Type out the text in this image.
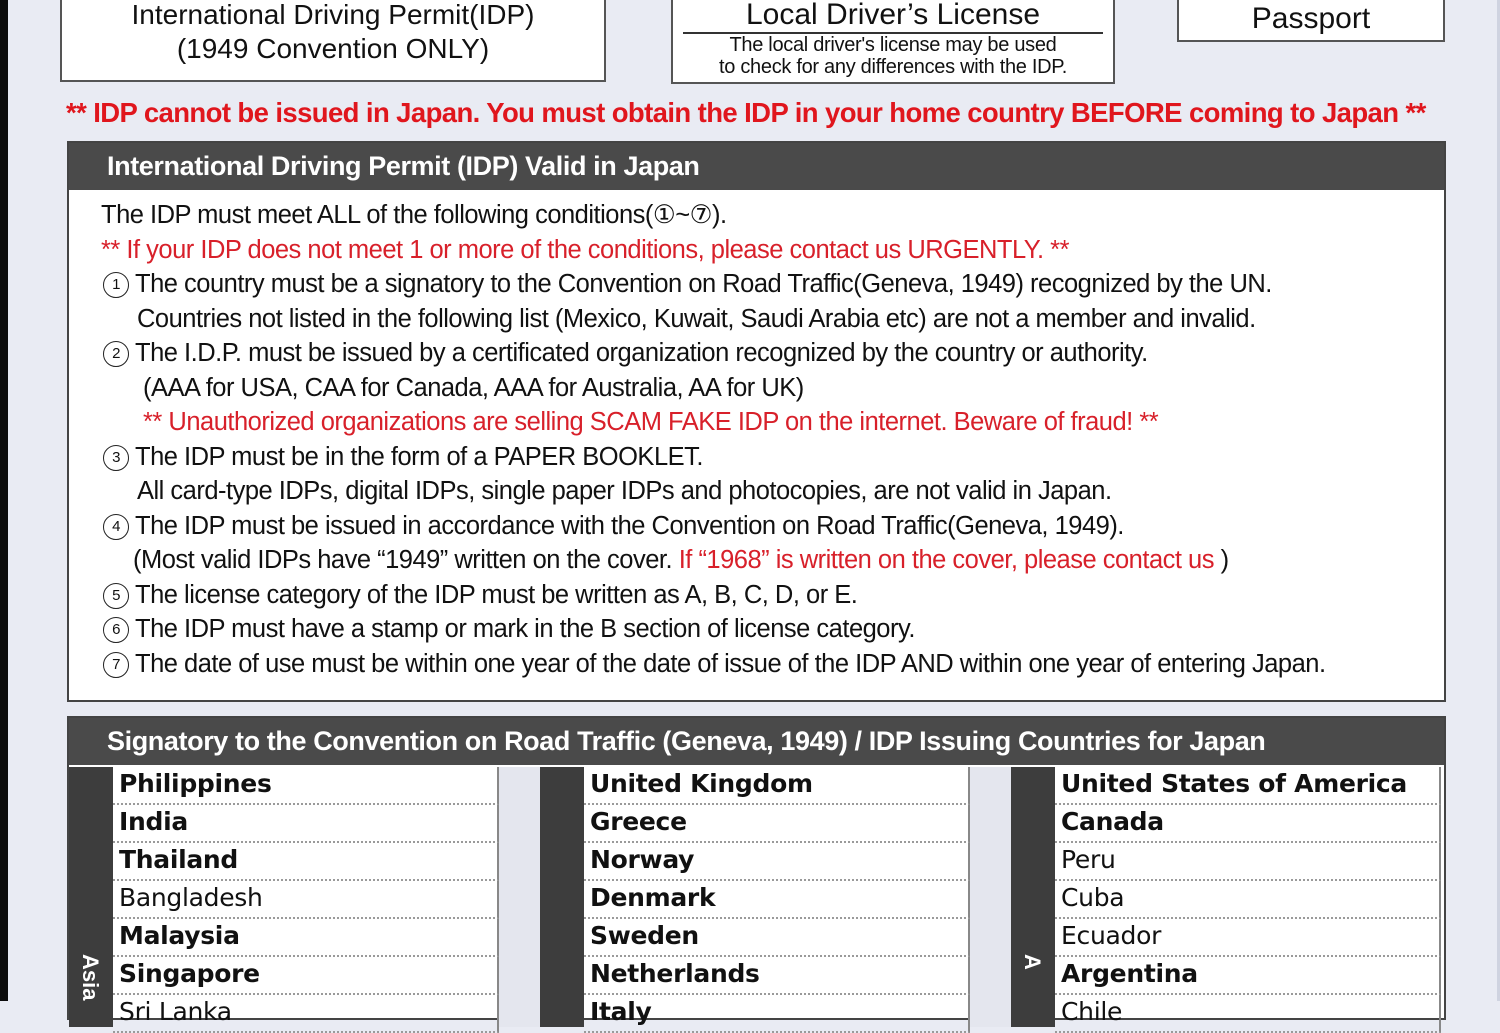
International Driving Permit(IDP)
(1949 Convention ONLY)
Local Driver’s License
The local driver's license may be used
to check for any differences with the IDP.
Passport
** IDP cannot be issued in Japan. You must obtain the IDP in your home country BEFORE coming to Japan **
International Driving Permit (IDP) Valid in Japan
The IDP must meet ALL of the following conditions(①~⑦).
** If your IDP does not meet 1 or more of the conditions, please contact us URGENTLY. **
1 The country must be a signatory to the Convention on Road Traffic(Geneva, 1949) recognized by the UN.
Countries not listed in the following list (Mexico, Kuwait, Saudi Arabia etc) are not a member and invalid.
2 The I.D.P. must be issued by a certificated organization recognized by the country or authority.
(AAA for USA, CAA for Canada, AAA for Australia, AA for UK)
** Unauthorized organizations are selling SCAM FAKE IDP on the internet. Beware of fraud! **
3 The IDP must be in the form of a PAPER BOOKLET.
All card-type IDPs, digital IDPs, single paper IDPs and photocopies, are not valid in Japan.
4 The IDP must be issued in accordance with the Convention on Road Traffic(Geneva, 1949).
(Most valid IDPs have “1949” written on the cover. If “1968” is written on the cover, please contact us )
5 The license category of the IDP must be written as A, B, C, D, or E.
6 The IDP must have a stamp or mark in the B section of license category.
7 The date of use must be within one year of the date of issue of the IDP AND within one year of entering Japan.
Signatory to the Convention on Road Traffic (Geneva, 1949) / IDP Issuing Countries for Japan
Asia
Philippines
India
Thailand
Bangladesh
Malaysia
Singapore
Sri Lanka
United Kingdom
Greece
Norway
Denmark
Sweden
Netherlands
Italy
A
United States of America
Canada
Peru
Cuba
Ecuador
Argentina
Chile
